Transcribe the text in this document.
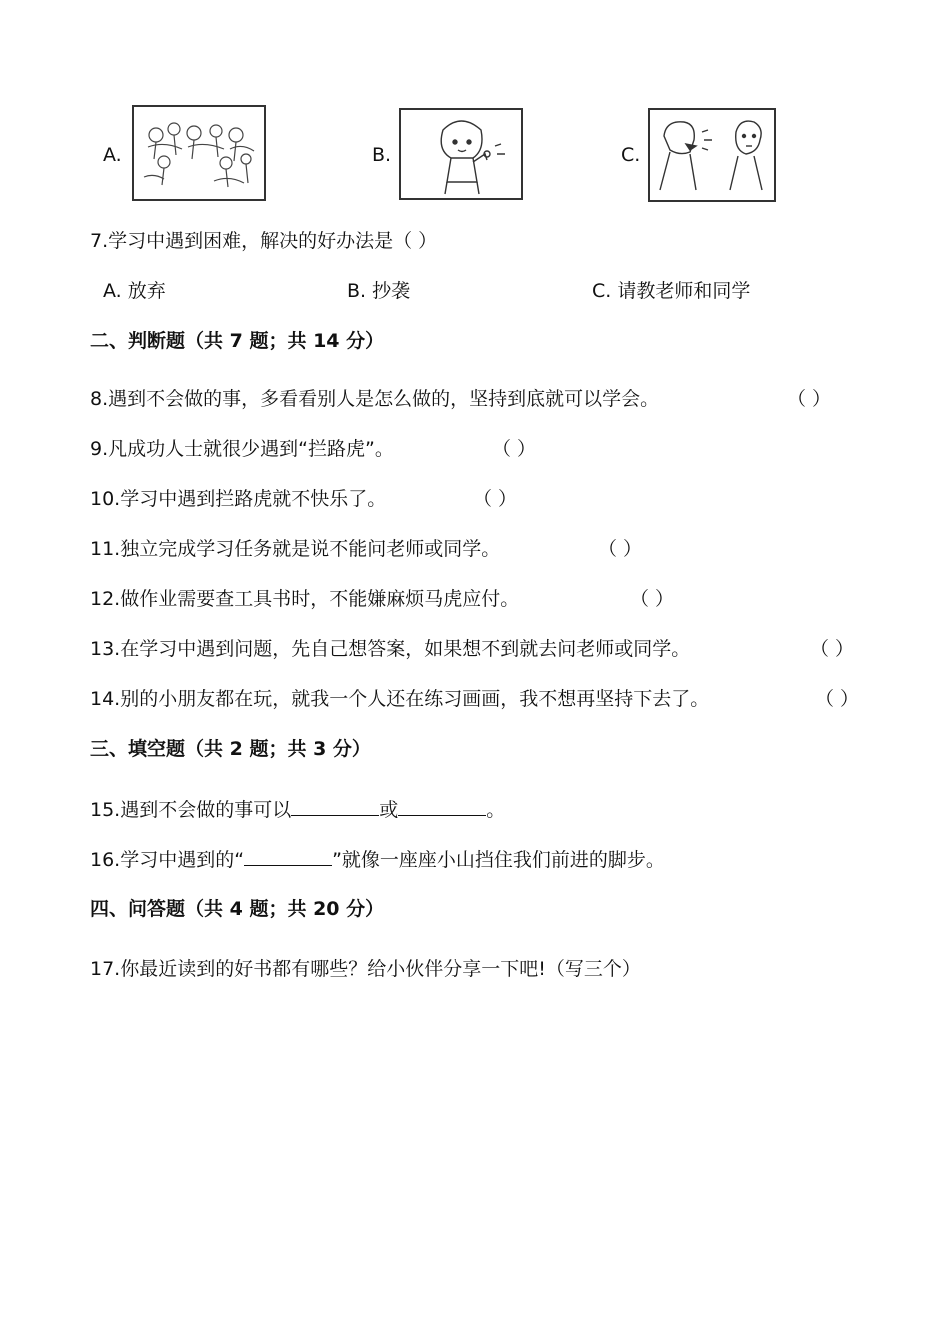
A.	B.	C.
7.学习中遇到困难，解决的好办法是（ ）
A. 放弃	B. 抄袭	C. 请教老师和同学
二、判断题（共 7 题；共 14 分）
8.遇到不会做的事，多看看别人是怎么做的，坚持到底就可以学会。	（ ）
9.凡成功人士就很少遇到“拦路虎”。	（ ）
10.学习中遇到拦路虎就不快乐了。	（ ）
11.独立完成学习任务就是说不能问老师或同学。	（ ）
12.做作业需要查工具书时，不能嫌麻烦马虎应付。	（ ）
13.在学习中遇到问题，先自己想答案，如果想不到就去问老师或同学。	（ ）
14.别的小朋友都在玩，就我一个人还在练习画画，我不想再坚持下去了。	（ ）
三、填空题（共 2 题；共 3 分）
15.遇到不会做的事可以	或	。
16.学习中遇到的“	”就像一座座小山挡住我们前进的脚步。
四、问答题（共 4 题；共 20 分）
17.你最近读到的好书都有哪些？给小伙伴分享一下吧!（写三个）
